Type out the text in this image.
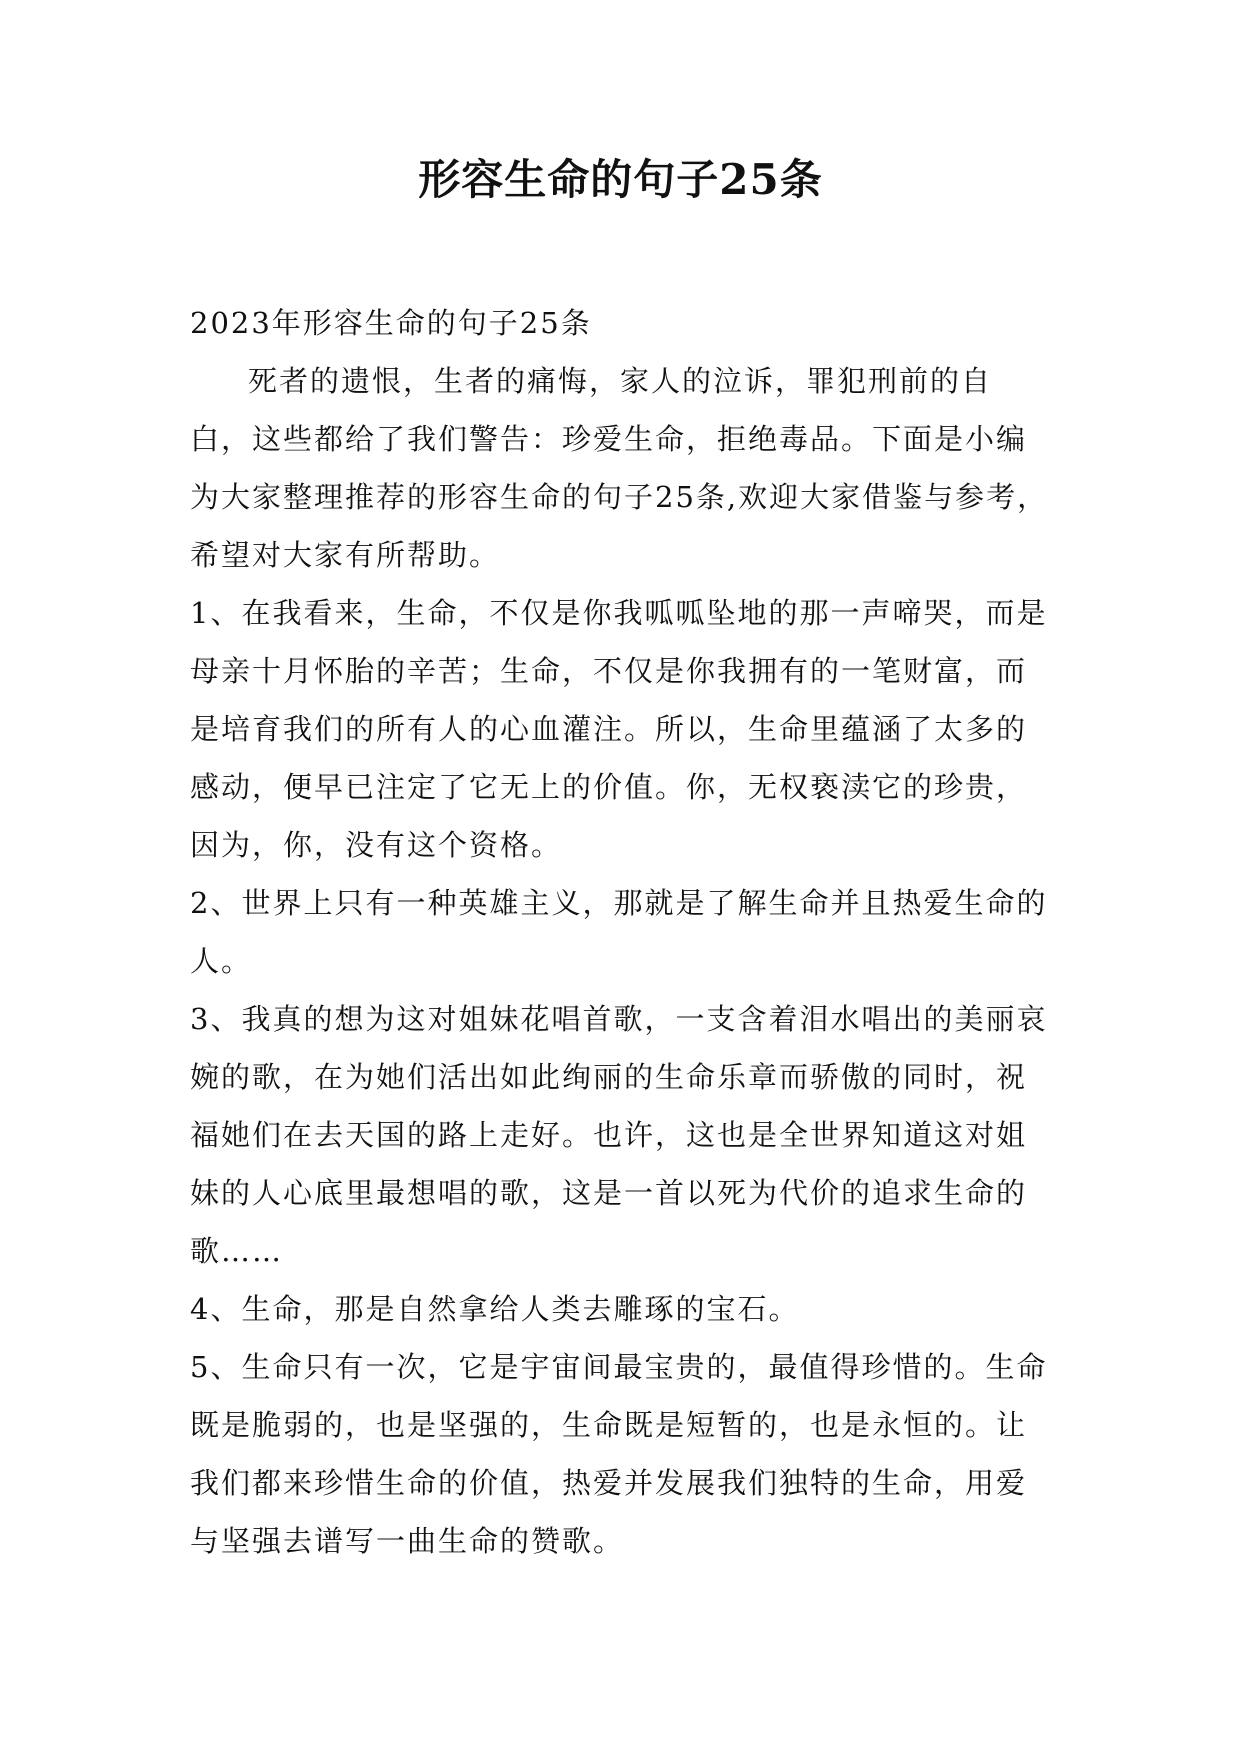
形容生命的句子25条

2023年形容生命的句子25条

死者的遗恨，生者的痛悔，家人的泣诉，罪犯刑前的自白，这些都给了我们警告：珍爱生命，拒绝毒品。下面是小编为大家整理推荐的形容生命的句子25条,欢迎大家借鉴与参考，希望对大家有所帮助。

1、在我看来，生命，不仅是你我呱呱坠地的那一声啼哭，而是母亲十月怀胎的辛苦；生命，不仅是你我拥有的一笔财富，而是培育我们的所有人的心血灌注。所以，生命里蕴涵了太多的感动，便早已注定了它无上的价值。你，无权亵渎它的珍贵，因为，你，没有这个资格。

2、世界上只有一种英雄主义，那就是了解生命并且热爱生命的人。

3、我真的想为这对姐妹花唱首歌，一支含着泪水唱出的美丽哀婉的歌，在为她们活出如此绚丽的生命乐章而骄傲的同时，祝福她们在去天国的路上走好。也许，这也是全世界知道这对姐妹的人心底里最想唱的歌，这是一首以死为代价的追求生命的歌……

4、生命，那是自然拿给人类去雕琢的宝石。

5、生命只有一次，它是宇宙间最宝贵的，最值得珍惜的。生命既是脆弱的，也是坚强的，生命既是短暂的，也是永恒的。让我们都来珍惜生命的价值，热爱并发展我们独特的生命，用爱与坚强去谱写一曲生命的赞歌。
